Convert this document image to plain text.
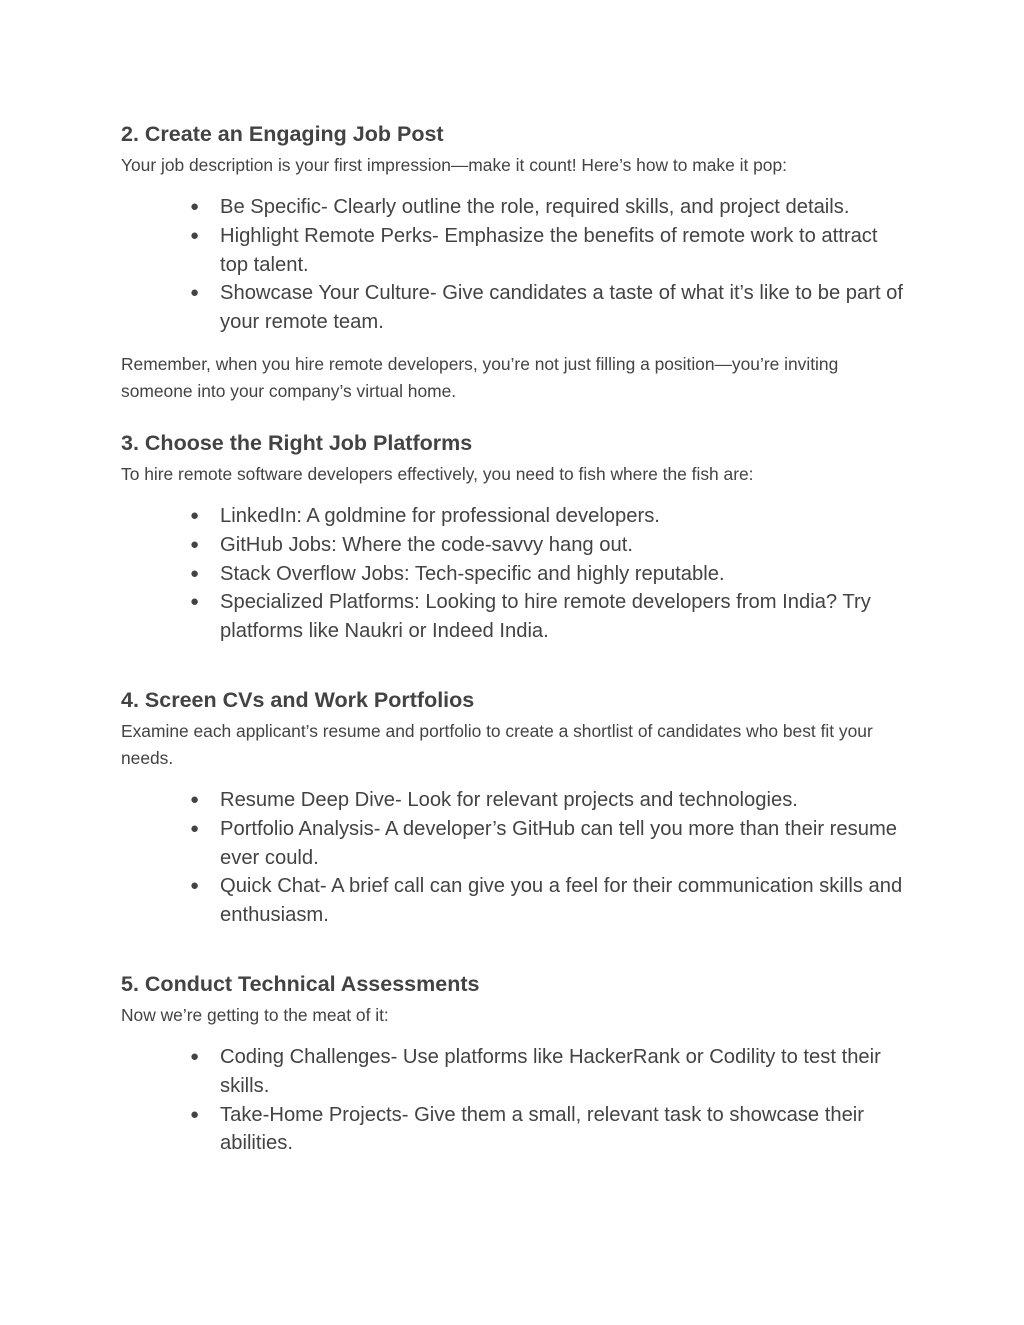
2. Create an Engaging Job Post

Your job description is your first impression—make it count! Here’s how to make it pop:

● Be Specific- Clearly outline the role, required skills, and project details.
● Highlight Remote Perks- Emphasize the benefits of remote work to attract top talent.
● Showcase Your Culture- Give candidates a taste of what it’s like to be part of your remote team.

Remember, when you hire remote developers, you’re not just filling a position—you’re inviting someone into your company’s virtual home.

3. Choose the Right Job Platforms

To hire remote software developers effectively, you need to fish where the fish are:

● LinkedIn: A goldmine for professional developers.
● GitHub Jobs: Where the code-savvy hang out.
● Stack Overflow Jobs: Tech-specific and highly reputable.
● Specialized Platforms: Looking to hire remote developers from India? Try platforms like Naukri or Indeed India.
4. Screen CVs and Work Portfolios

Examine each applicant’s resume and portfolio to create a shortlist of candidates who best fit your needs.

● Resume Deep Dive- Look for relevant projects and technologies.
● Portfolio Analysis- A developer’s GitHub can tell you more than their resume ever could.
● Quick Chat- A brief call can give you a feel for their communication skills and enthusiasm.
5. Conduct Technical Assessments

Now we’re getting to the meat of it:

● Coding Challenges- Use platforms like HackerRank or Codility to test their skills.
● Take-Home Projects- Give them a small, relevant task to showcase their abilities.
